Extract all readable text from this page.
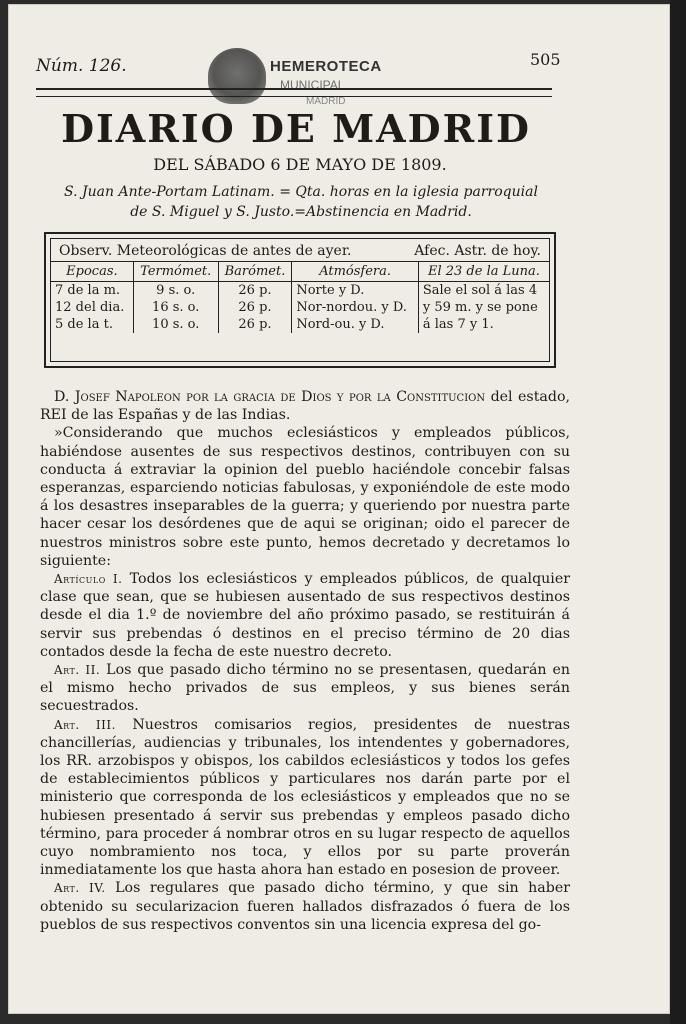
HEMEROTECA
MUNICIPAL
MADRID
Núm. 126.	505
DIARIO DE MADRID
DEL SÁBADO 6 DE MAYO DE 1809.
S. Juan Ante-Portam Latinam. = Qta. horas en la iglesia parroquial
de S. Miguel y S. Justo.=Abstinencia en Madrid.
Observ. Meteorológicas de antes de ayer.	Afec. Astr. de hoy.
Epocas.	Termómet.	Barómet.	Atmósfera.	El 23 de la Luna.
7 de la m.	9 s. o.	26 p.	Norte y D.	Sale el sol á las 4
12 del dia.	16 s. o.	26 p.	Nor-nordou. y D.	y 59 m. y se pone
5 de la t.	10 s. o.	26 p.	Nord-ou. y D.	á las 7 y 1.

D. Josef Napoleon por la gracia de Dios y por la Constitucion del estado, REI de las Españas y de las Indias.

»Considerando que muchos eclesiásticos y empleados públicos, habiéndose ausentes de sus respectivos destinos, contribuyen con su conducta á extraviar la opinion del pueblo haciéndole concebir falsas esperanzas, esparciendo noticias fabulosas, y exponiéndole de este modo á los desastres inseparables de la guerra; y queriendo por nuestra parte hacer cesar los desórdenes que de aqui se originan; oido el parecer de nuestros ministros sobre este punto, hemos decretado y decretamos lo siguiente:

Artículo I. Todos los eclesiásticos y empleados públicos, de qualquier clase que sean, que se hubiesen ausentado de sus respectivos destinos desde el dia 1.º de noviembre del año próximo pasado, se restituirán á servir sus prebendas ó destinos en el preciso término de 20 dias contados desde la fecha de este nuestro decreto.

Art. II. Los que pasado dicho término no se presentasen, quedarán en el mismo hecho privados de sus empleos, y sus bienes serán secuestrados.

Art. III. Nuestros comisarios regios, presidentes de nuestras chancillerías, audiencias y tribunales, los intendentes y gobernadores, los RR. arzobispos y obispos, los cabildos eclesiásticos y todos los gefes de establecimientos públicos y particulares nos darán parte por el ministerio que corresponda de los eclesiásticos y empleados que no se hubiesen presentado á servir sus prebendas y empleos pasado dicho término, para proceder á nombrar otros en su lugar respecto de aquellos cuyo nombramiento nos toca, y ellos por su parte proverán inmediatamente los que hasta ahora han estado en posesion de proveer.

Art. IV. Los regulares que pasado dicho término, y que sin haber obtenido su secularizacion fueren hallados disfrazados ó fuera de los pueblos de sus respectivos conventos sin una licencia expresa del go-
